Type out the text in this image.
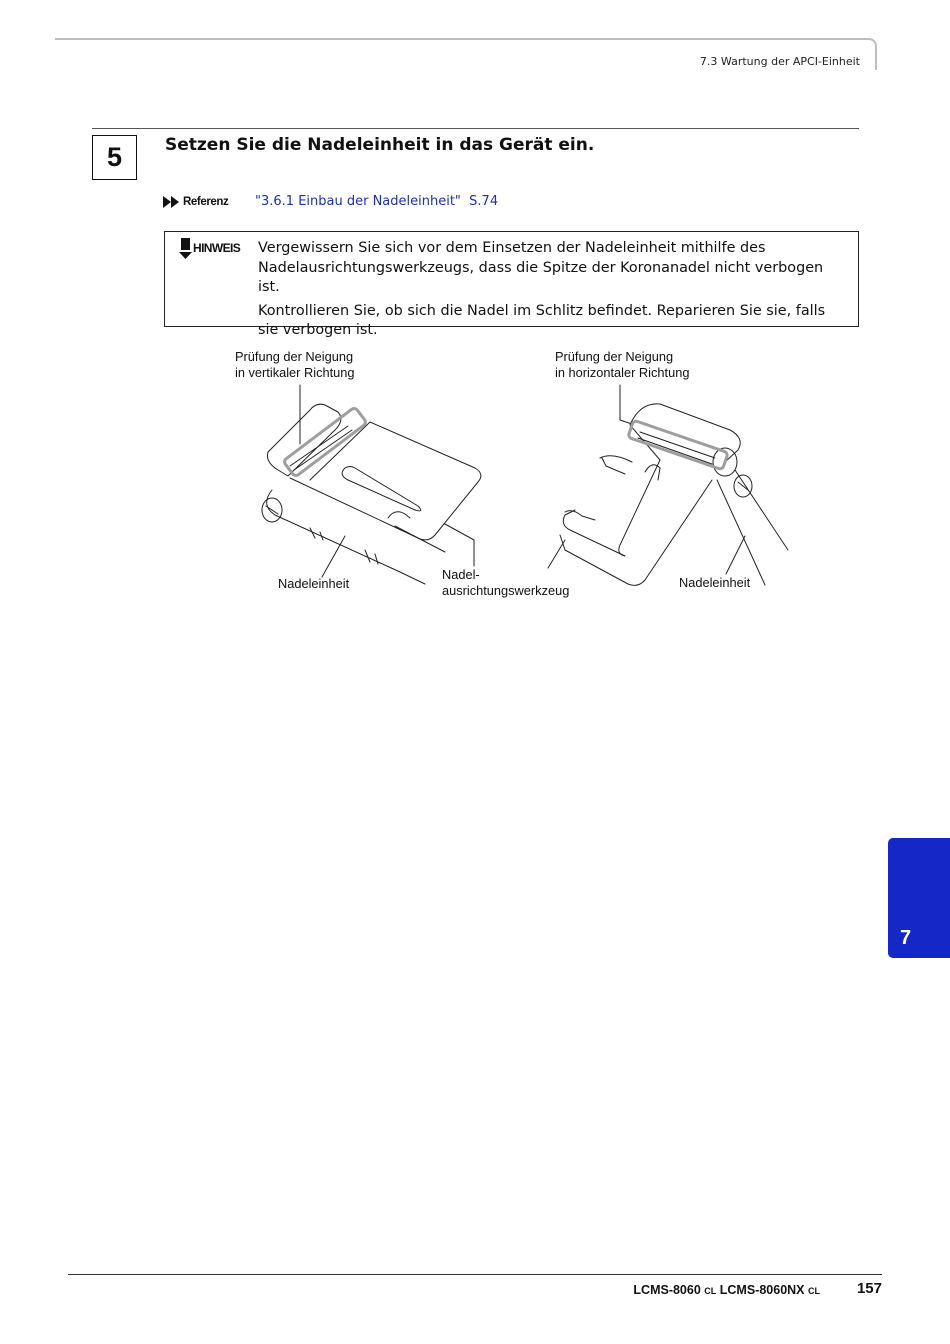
7.3 Wartung der APCI-Einheit
5	Setzen Sie die Nadeleinheit in das Gerät ein.
Referenz "3.6.1 Einbau der Nadeleinheit"  S.74
HINWEIS Vergewissern Sie sich vor dem Einsetzen der Nadeleinheit mithilfe des Nadelausrichtungswerkzeugs, dass die Spitze der Koronanadel nicht verbogen ist.

Kontrollieren Sie, ob sich die Nadel im Schlitz befindet. Reparieren Sie sie, falls sie verbogen ist.

Prüfung der Neigung
in vertikaler Richtung
Prüfung der Neigung
in horizontaler Richtung
Nadeleinheit
Nadel-
ausrichtungswerkzeug	Nadeleinheit
7
LCMS-8060 CL LCMS-8060NX CL 157
